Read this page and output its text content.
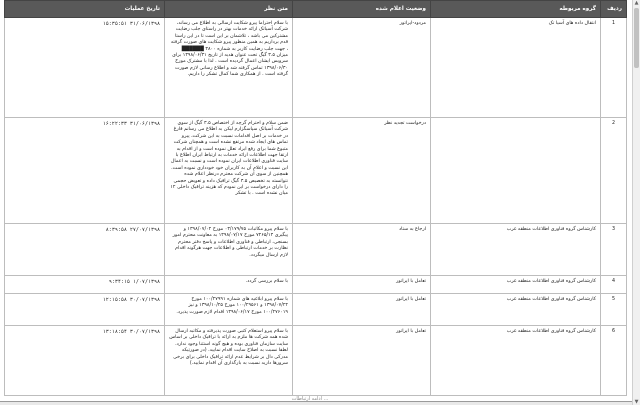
ردیف	گروه مربوطه	وضعیت اعلام شده	متن نظر	تاریخ عملیات
1	انتقال داده های آسیا تک	مردود-اپراتور	با سلام احتراما پیرو شکایت ارسالی به اطلاع می رساند، شرکت آسیاتک ارائه خدمات بهتر در راستای جلب رضایت مشترکین می باشد ، تلاشمان بر این است تا در این راستا قدم برداریم به همین منظور پیرو شکایت های صورت گرفته ، جهت جلب رضایت کاربر به شماره ۳۸۰۰ ██████ میزان ۳.۵ گیگ تحت عنوان هدیه از تاریخ ۱۳۹۸/۰۶/۳۱ برای سرویس ایشان اعمال گردیده است . لذا با مشترک مورخ ۱۳۹۸/۰۶/۳۰ تماس گرفته شد و اطلاع رسانی لازم صورت گرفته است . از همکاری شما کمال تشکر را داریم.	۳۱/۰۶/۱۳۹۸ ۱۵:۳۵:۵۱
2		درخواست تجدید نظر	ضمن سلام و احترام گرچه از اختصاص ۳.۵ گیگ از سوی شرکت آسیاتک سپاسگزارم لیکن به اطلاع می رسانم فارغ در خدمات بر اصل اقدامات نسبت به این شرکت، پیرو تماس های ایجاد شده مرتفع نشده است و همچنان شرکت متبوع شما برای رفع ایراد تعلل نموده است و از اقدام به ارتقا جهت اطلاعات ارائه خدمات به ارتباط ایران اطلاع با سایت فناوری اطلاعات ایران نموده است و نسبت به اعمال این نسبت و اعلام آن به کاربران خود خودداری نموده است. همچنین از سوی آن شرکت محترم درنظر اعلام شده نتوانسته به تخصیص ۳.۵ گیگ ترافیک داده و تعویض حجمی را دارای درخواست بر این نمودم که هزینه ترافیک داخلی ۱۲ میان نشده است . با تشکر	۳۱/۰۶/۱۳۹۸ ۱۶:۲۲:۳۳
3	کارشناس گروه فناوری اطلاعات منطقه غرب	ارجاع به ستاد	با سلام پیرو مکاتبات ۰۳/۱۷۹/۷۵ مورخ ۱۳۹۸/۰۷/۰۲ و پیگیری ۷۲۶۵/۱۴ مورخ ۱۳۹۸/۰۷/۱۷ به معاونت محترم امور بسنجی، ارتباطی و فناوری اطلاعات و پاسخ دفتر محترم نظارت بر خدمات ارتباطی و اطلاعات جهت هرگونه اقدام لازم ارسال میگردد.	۲۷/۰۷/۱۳۹۸ ۸:۳۹:۵۸
4	کارشناس گروه فناوری اطلاعات منطقه غرب	تعامل با اپراتور	با سلام بررسی گردد.	۱/۰۷/۱۳۹۸ ۹:۳۴:۱۵
5	کارشناس گروه فناوری اطلاعات منطقه غرب	تعامل با اپراتور	با سلام پیرو ابلاغیه های شماره ۱۰۰/۲۷۹۹۱ مورخ ۱۳۹۸/۰۷/۲۴ و ۱۰۰/۲۹۵۶۱ مورخ ۱۳۹۸/۱۰/۲۵ و نیز ۱۰۰/۲۷۶۰۱۹ مورخ ۱۳۹۸/۰۶/۱۷ اقدام لازم صورت پذیرد.	۳۰/۰۷/۱۳۹۸ ۱۲:۱۵:۵۸
6	کارشناس گروه فناوری اطلاعات منطقه غرب	تعامل با اپراتور	با سلام پیرو استعلام کتبی صورت پذیرفته و مکاتبه ارسال شده همه شرکت ها ملزم به ارائه با ترافیک داخلی بر اساس سایت سازمان فناوری بوده و هیچ گونه استثنا وجود ندارد. لطفا نسبت به اصلاح سایت اقدام نمایید. (در صورتیکه مدرکی دال بر شرایط عدم ارائه ترافیک داخلی برای برخی سرورها دارید نسبت به بارگذاری آن اقدام نمایید.)	۳۰/۰۷/۱۳۹۸ ۱۳:۱۸:۵۴
ادامه ارتباطات ...
▲
▼
